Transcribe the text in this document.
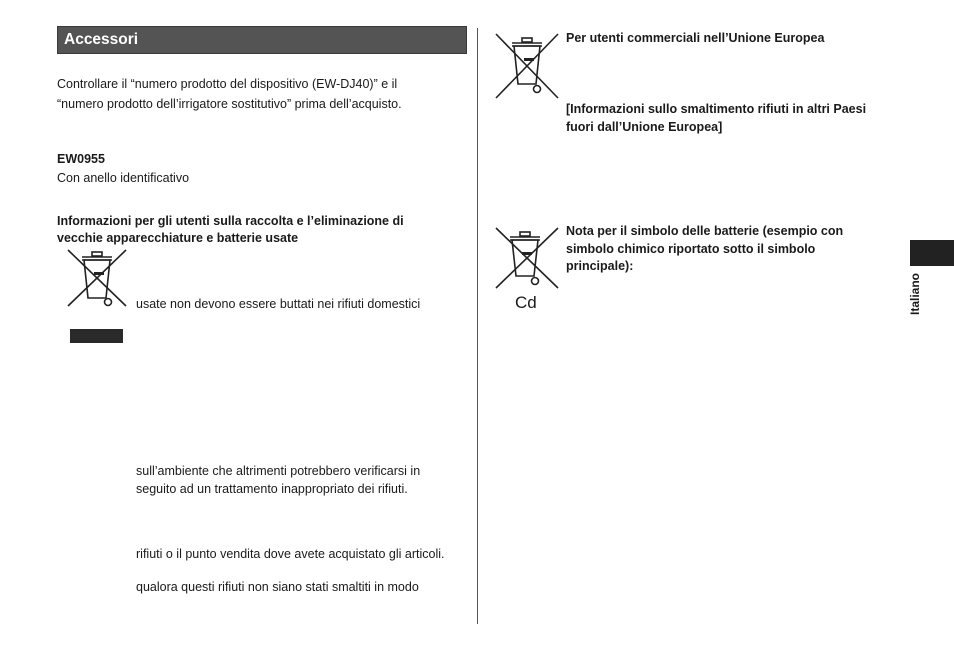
Accessori
Controllare il “numero prodotto del dispositivo (EW-DJ40)” e il
“numero prodotto dell’irrigatore sostitutivo” prima dell’acquisto.
EW0955
Con anello identificativo
Informazioni per gli utenti sulla raccolta e l’eliminazione di
vecchie apparecchiature e batterie usate
usate non devono essere buttati nei rifiuti domestici
sull’ambiente che altrimenti potrebbero verificarsi in
seguito ad un trattamento inappropriato dei rifiuti.
rifiuti o il punto vendita dove avete acquistato gli articoli.
qualora questi rifiuti non siano stati smaltiti in modo
Per utenti commerciali nell’Unione Europea
[Informazioni sullo smaltimento rifiuti in altri Paesi
fuori dall’Unione Europea]
Cd
Nota per il simbolo delle batterie (esempio con
simbolo chimico riportato sotto il simbolo
principale):
Italiano
